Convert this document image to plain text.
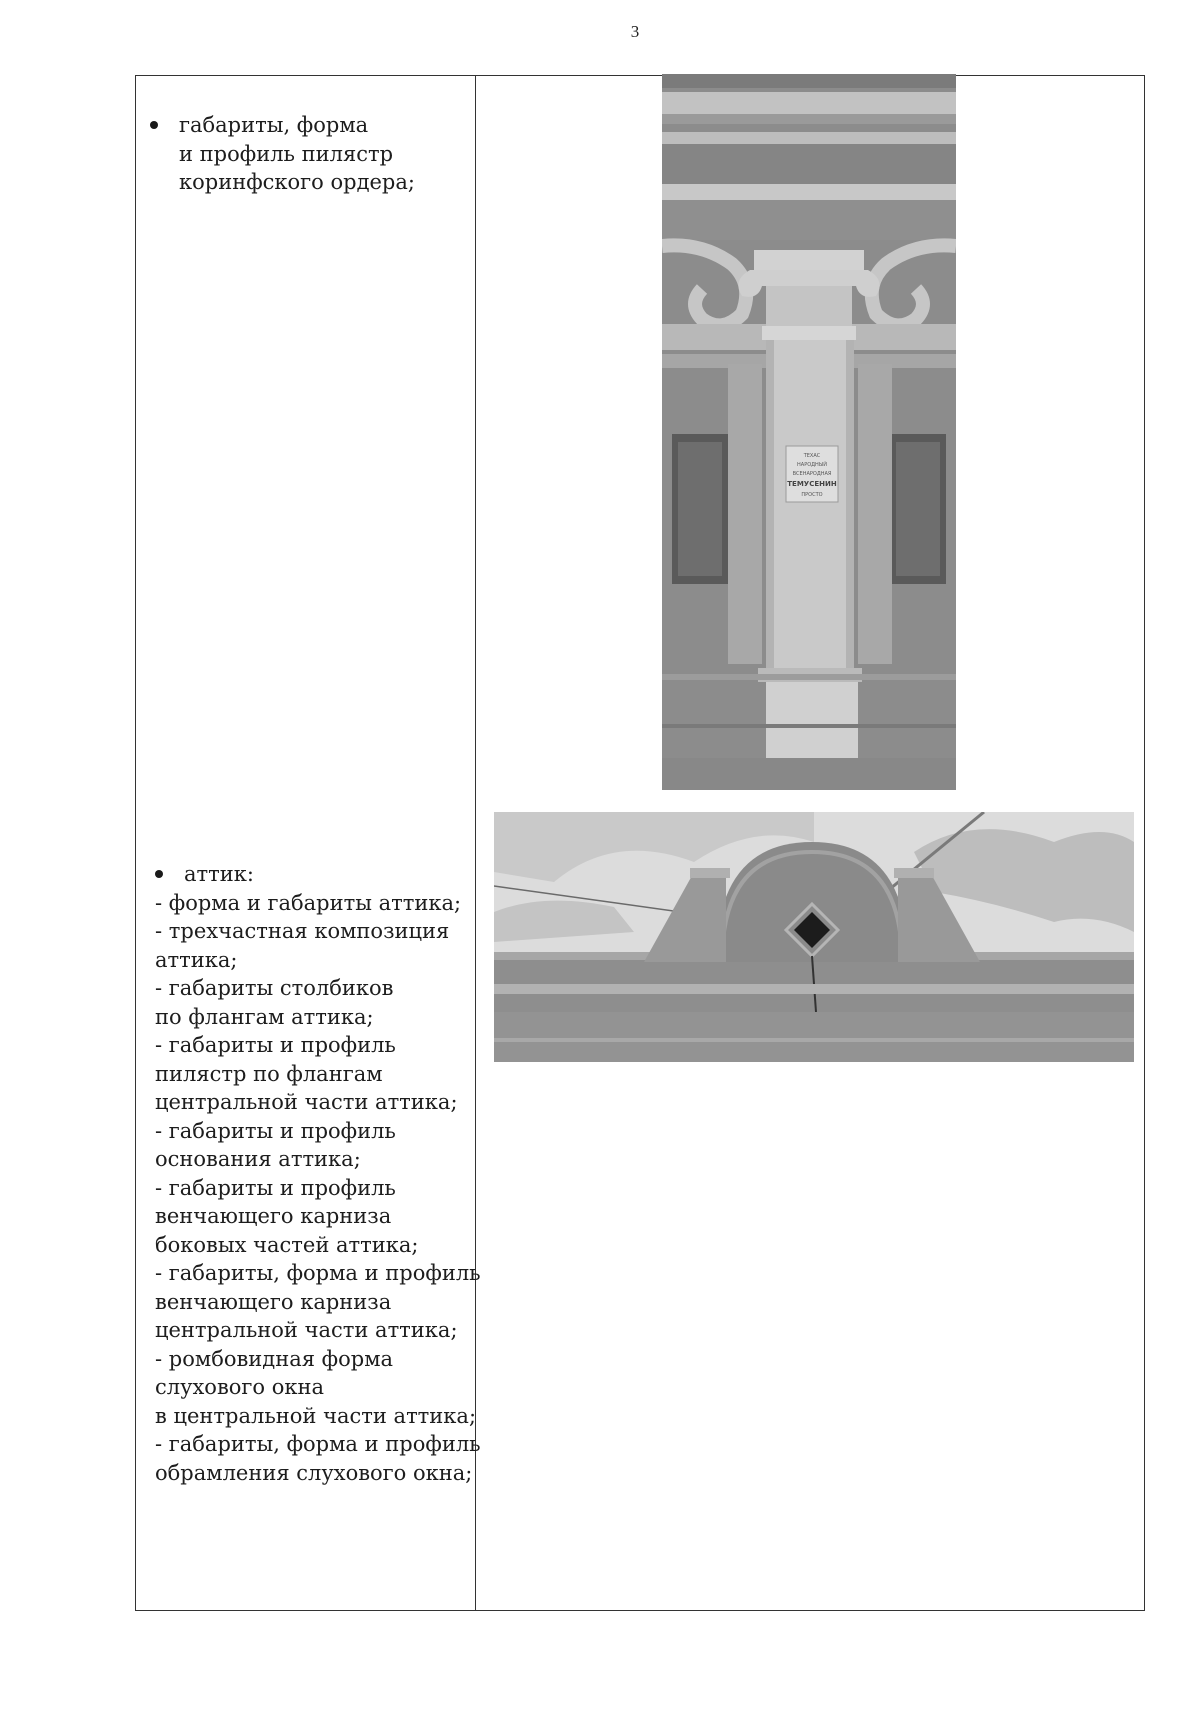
3
габариты, форма
и профиль пилястр
коринфского ордера;
ТЕХАС
НАРОДНЫЙ
ВСЕНАРОДНАЯ
ТЕМУСЕНИН
ПРОСТО
аттик:
- форма и габариты аттика;
- трехчастная композиция
аттика;
- габариты столбиков
по флангам аттика;
- габариты и профиль
пилястр по флангам
центральной части аттика;
- габариты и профиль
основания аттика;
- габариты и профиль
венчающего карниза
боковых частей аттика;
- габариты, форма и профиль
венчающего карниза
центральной части аттика;
- ромбовидная форма
слухового окна
в центральной части аттика;
- габариты, форма и профиль
обрамления слухового окна;
